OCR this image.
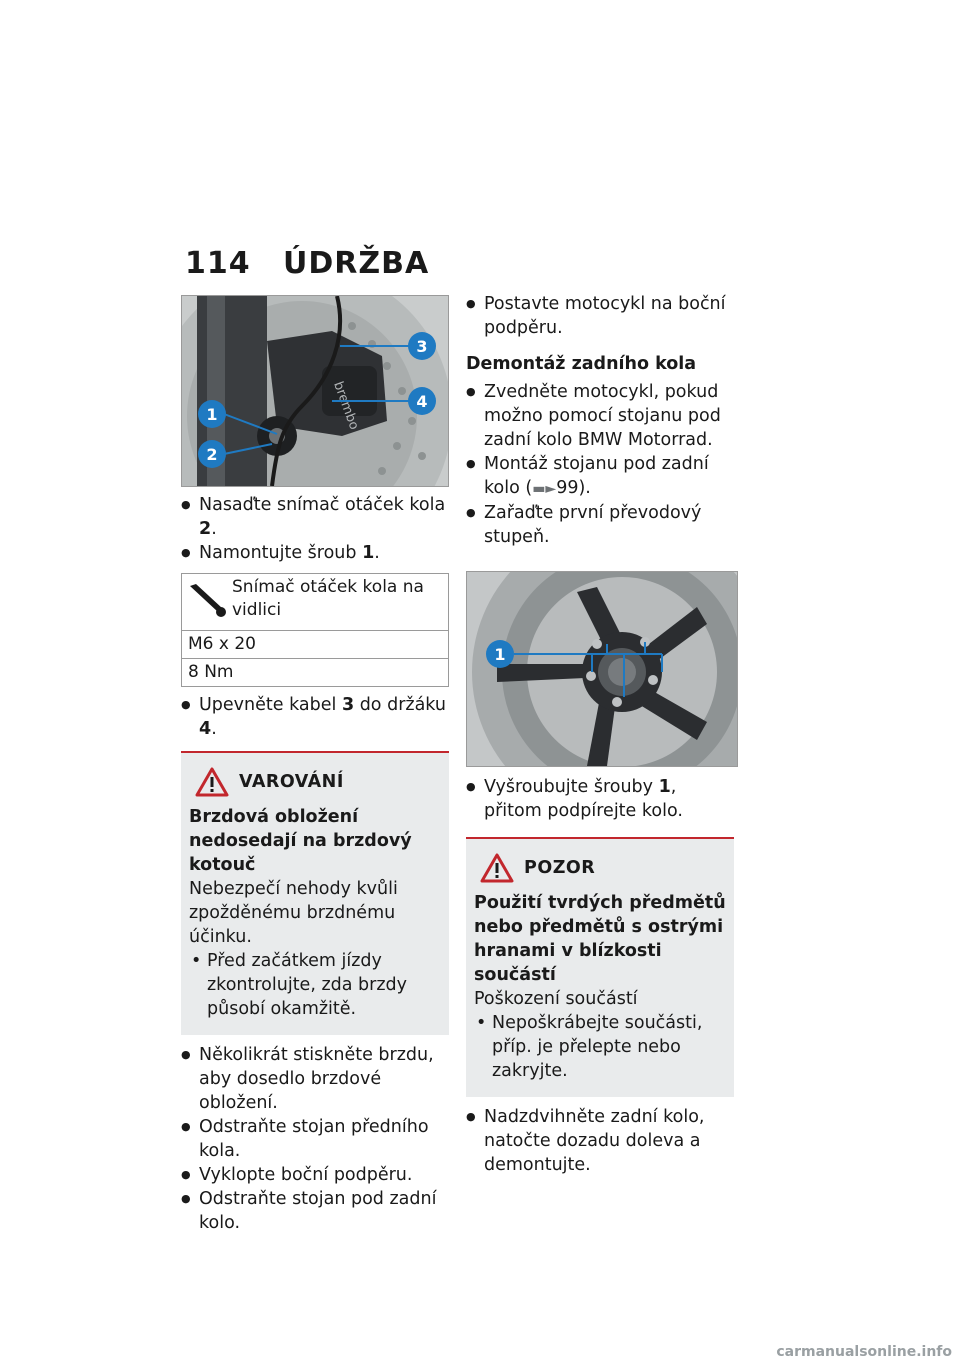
114 ÚDRŽBA
brembo
1
2
3
4
● Nasaďte snímač otáček kola 2.
● Namontujte šroub 1.
Snímač otáček kola na vidlici
M6 x 20
8 Nm
● Upevněte kabel 3 do držáku 4.
VAROVÁNÍ
Brzdová obložení nedosedají na brzdový kotouč
Nebezpečí nehody kvůli zpožděnému brzdnému účinku.
• Před začátkem jízdy zkontrolujte, zda brzdy působí okamžitě.
● Několikrát stiskněte brzdu, aby dosedlo brzdové obložení.
● Odstraňte stojan předního kola.
● Vyklopte boční podpěru.
● Odstraňte stojan pod zadní kolo.
● Postavte motocykl na boční podpěru.
Demontáž zadního kola
● Zvedněte motocykl, pokud možno pomocí stojanu pod zadní kolo BMW Motorrad.
● Montáž stojanu pod zadní kolo (▬►99).
● Zařaďte první převodový stupeň.
1
● Vyšroubujte šrouby 1, přitom podpírejte kolo.
POZOR
Použití tvrdých předmětů nebo předmětů s ostrými hranami v blízkosti součástí
Poškození součástí
• Nepoškrábejte součásti, příp. je přelepte nebo zakryjte.
● Nadzdvihněte zadní kolo, natočte dozadu doleva a demontujte.
carmanualsonline.info
